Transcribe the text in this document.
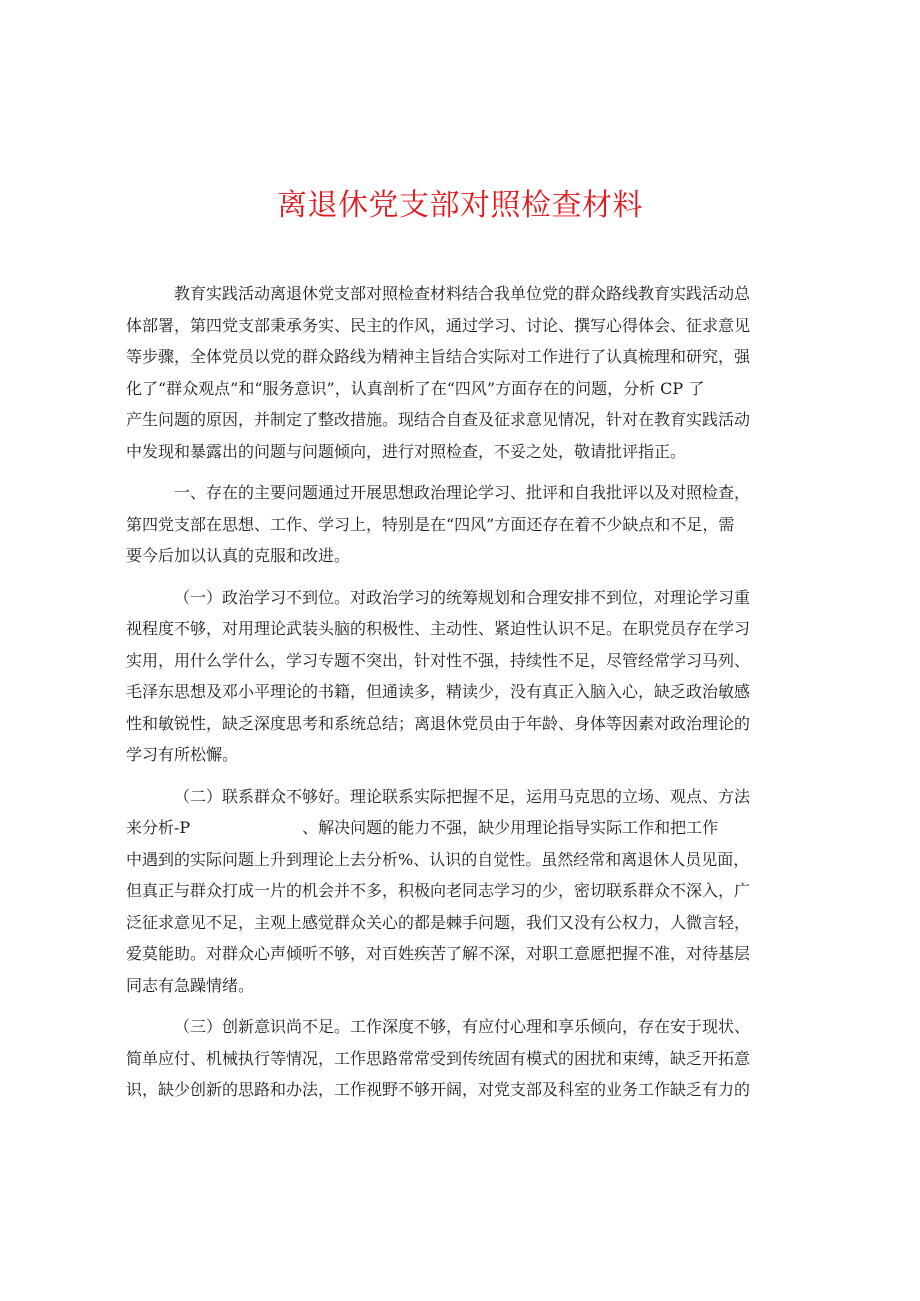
离退休党支部对照检查材料

教育实践活动离退休党支部对照检查材料结合我单位党的群众路线教育实践活动总
体部署，第四党支部秉承务实、民主的作风，通过学习、讨论、撰写心得体会、征求意见
等步骤，全体党员以党的群众路线为精神主旨结合实际对工作进行了认真梳理和研究，强
化了“群众观点”和“服务意识”，认真剖析了在“四风”方面存在的问题，分析 CP 了
产生问题的原因，并制定了整改措施。现结合自查及征求意见情况，针对在教育实践活动
中发现和暴露出的问题与问题倾向，进行对照检查，不妥之处，敬请批评指正。

一、存在的主要问题通过开展思想政治理论学习、批评和自我批评以及对照检查，
第四党支部在思想、工作、学习上，特别是在“四风”方面还存在着不少缺点和不足，需
要今后加以认真的克服和改进。

（一）政治学习不到位。对政治学习的统筹规划和合理安排不到位，对理论学习重
视程度不够，对用理论武装头脑的积极性、主动性、紧迫性认识不足。在职党员存在学习
实用，用什么学什么，学习专题不突出，针对性不强，持续性不足，尽管经常学习马列、
毛泽东思想及邓小平理论的书籍，但通读多，精读少，没有真正入脑入心，缺乏政治敏感
性和敏锐性，缺乏深度思考和系统总结；离退休党员由于年龄、身体等因素对政治理论的
学习有所松懈。

（二）联系群众不够好。理论联系实际把握不足，运用马克思的立场、观点、方法
来分析-P　　　　　　　、解决问题的能力不强，缺少用理论指导实际工作和把工作
中遇到的实际问题上升到理论上去分析%、认识的自觉性。虽然经常和离退休人员见面，
但真正与群众打成一片的机会并不多，积极向老同志学习的少，密切联系群众不深入，广
泛征求意见不足，主观上感觉群众关心的都是棘手问题，我们又没有公权力，人微言轻，
爱莫能助。对群众心声倾听不够，对百姓疾苦了解不深，对职工意愿把握不准，对待基层
同志有急躁情绪。

（三）创新意识尚不足。工作深度不够，有应付心理和享乐倾向，存在安于现状、
简单应付、机械执行等情况，工作思路常常受到传统固有模式的困扰和束缚，缺乏开拓意
识，缺少创新的思路和办法，工作视野不够开阔，对党支部及科室的业务工作缺乏有力的
